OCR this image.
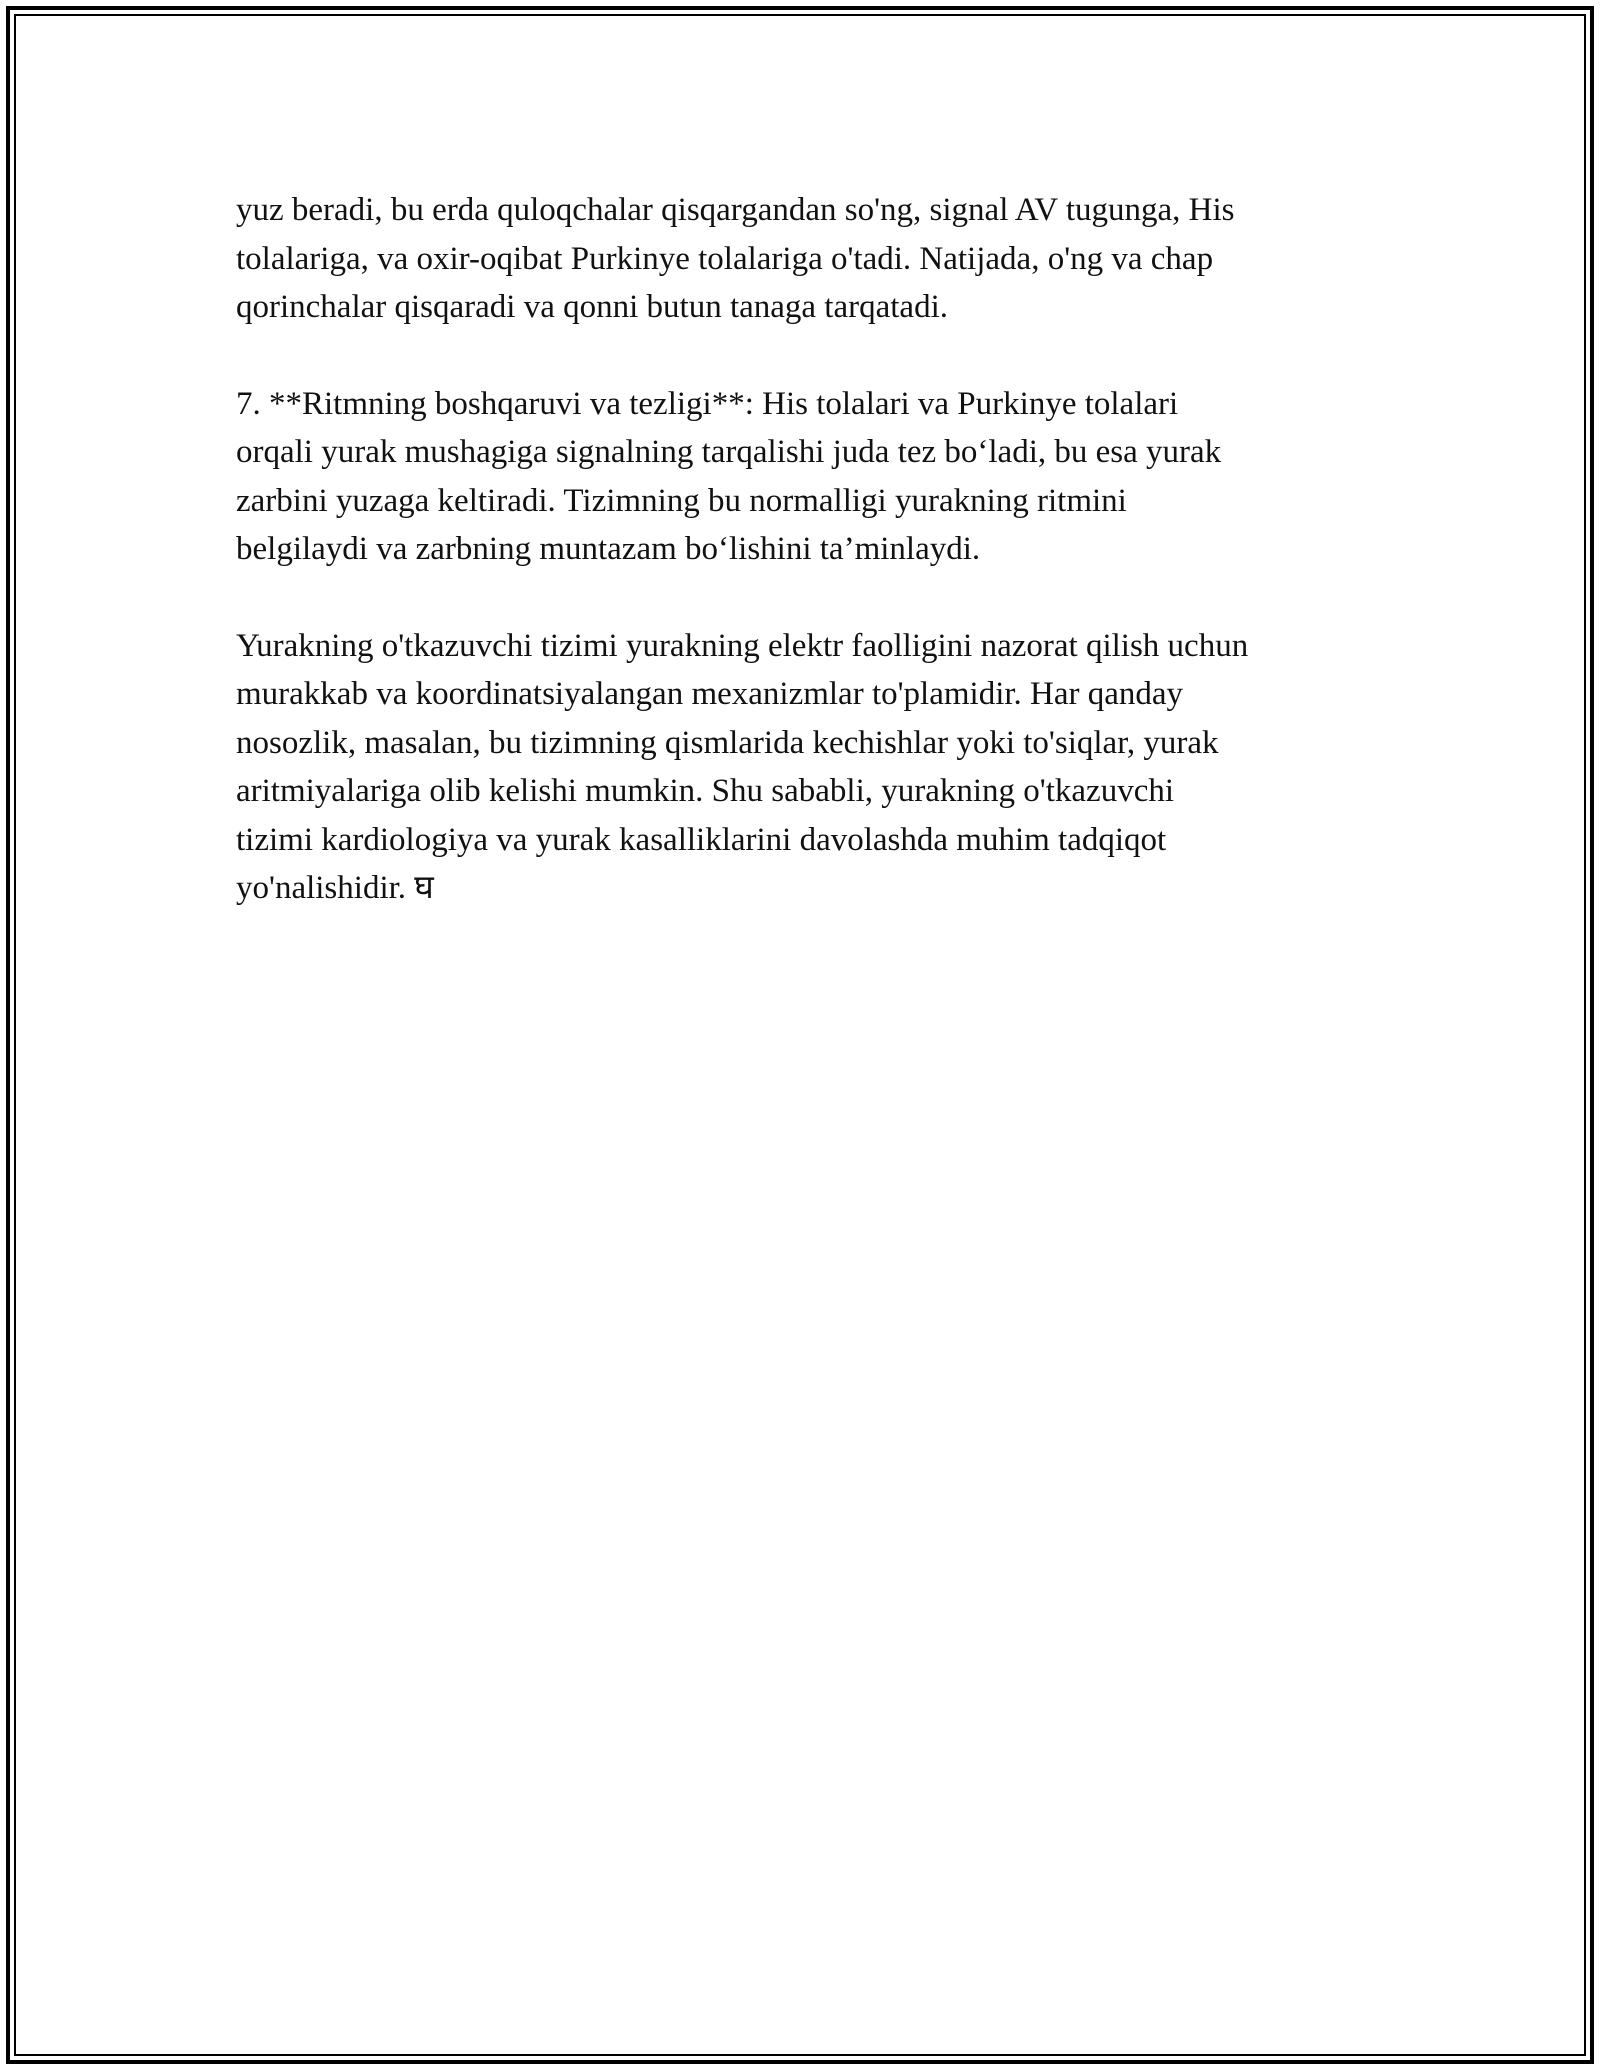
yuz beradi, bu erda quloqchalar qisqargandan so'ng, signal AV tugunga, His
tolalariga, va oxir-oqibat Purkinye tolalariga o'tadi. Natijada, o'ng va chap
qorinchalar qisqaradi va qonni butun tanaga tarqatadi.

7. **Ritmning boshqaruvi va tezligi**: His tolalari va Purkinye tolalari
orqali yurak mushagiga signalning tarqalishi juda tez bo‘ladi, bu esa yurak
zarbini yuzaga keltiradi. Tizimning bu normalligi yurakning ritmini
belgilaydi va zarbning muntazam bo‘lishini ta’minlaydi.

Yurakning o'tkazuvchi tizimi yurakning elektr faolligini nazorat qilish uchun
murakkab va koordinatsiyalangan mexanizmlar to'plamidir. Har qanday
nosozlik, masalan, bu tizimning qismlarida kechishlar yoki to'siqlar, yurak
aritmiyalariga olib kelishi mumkin. Shu sababli, yurakning o'tkazuvchi
tizimi kardiologiya va yurak kasalliklarini davolashda muhim tadqiqot
yo'nalishidir. घ
